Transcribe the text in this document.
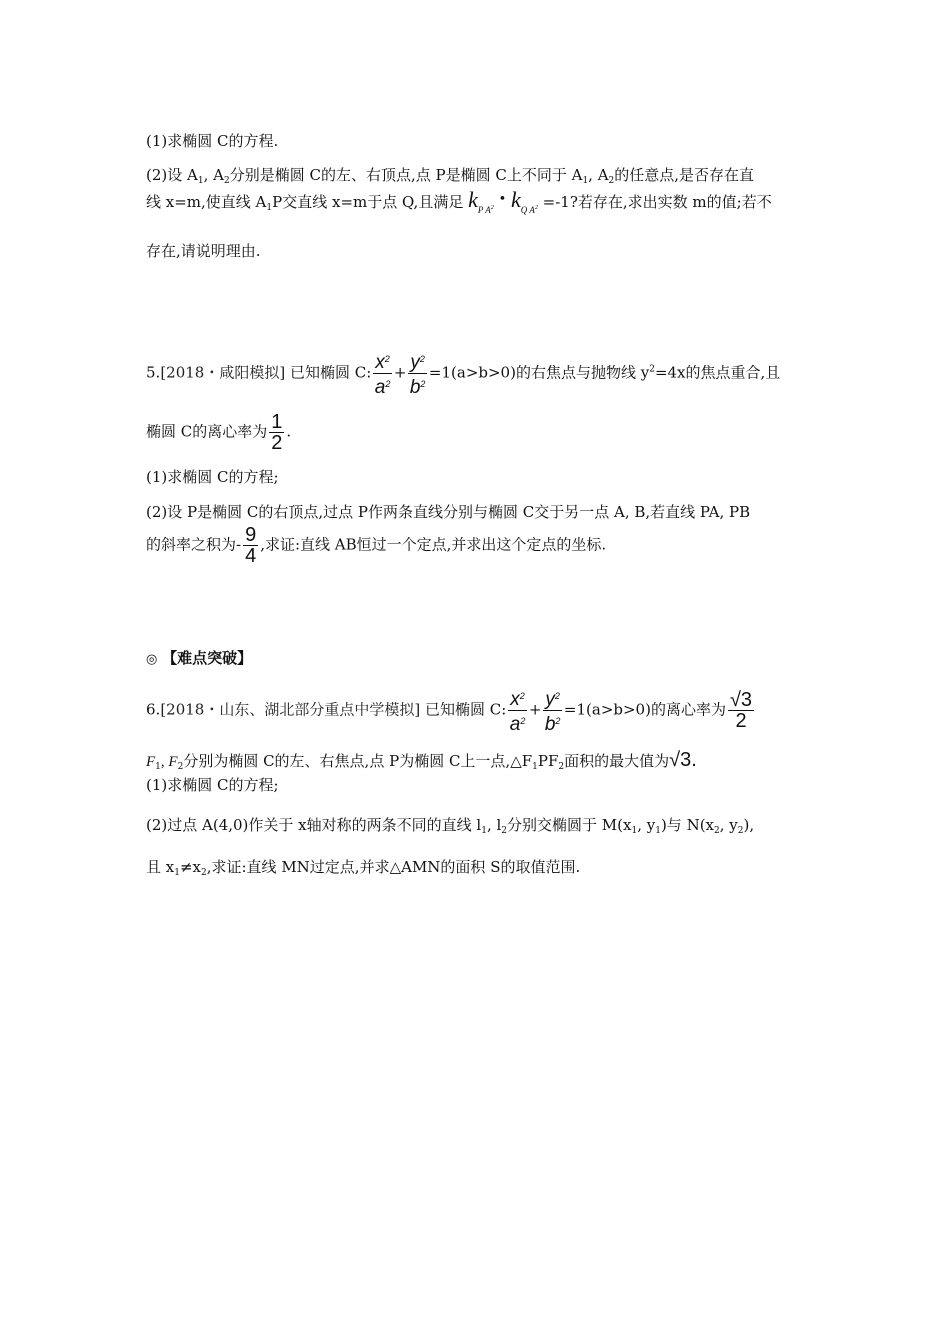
(1)求椭圆 C的方程.
(2)设 $A_1$, $A_2$分别是椭圆 C的左、右顶点,点 P是椭圆 C上不同于 $A_1$, $A_2$的任意点,是否存在直
线 x=m,使直线 $A_1P$交直线 x=m于点 Q,且满足 $k_{P A}2$ • $k_{Q A}2 =-1$?若存在,求出实数 m的值;若不
存在,请说明理由.
5.[2018・咸阳模拟] 已知椭圆 C: $\frac{x^2}{a^2} + \frac{y^2}{b^2} =1(a>b>0)$的右焦点与抛物线 $y^2=4x$的焦点重合,且
椭圆 C的离心率为 $\frac{1}{2}$ .
(1)求椭圆 C的方程;
(2)设 P是椭圆 C的右顶点,过点 P作两条直线分别与椭圆 C交于另一点 A, B,若直线 PA, PB
的斜率之积为- $\frac{9}{4}$ ,求证:直线 AB恒过一个定点,并求出这个定点的坐标.
◎ 【难点突破】
6.[2018・山东、湖北部分重点中学模拟] 已知椭圆 C: $\frac{x^2}{a^2} + \frac{y^2}{b^2} =1(a>b>0)$的离心率为 $\frac{√3}{2}$
$F_1$, $F_2$分别为椭圆 C的左、右焦点,点 P为椭圆 C上一点$,\triangle F_1PF_2$面积的最大值为√3.
(1)求椭圆 C的方程;
(2)过点 A(4,0)作关于 x轴对称的两条不同的直线 $l_1$, $l_2$分别交椭圆于 $M(x_1$, $y_1$)与 $N(x_2$, $y_2$),
且 $x_1\ne x_2$,求证:直线 MN过定点,并求△AMN的面积 S的取值范围.
